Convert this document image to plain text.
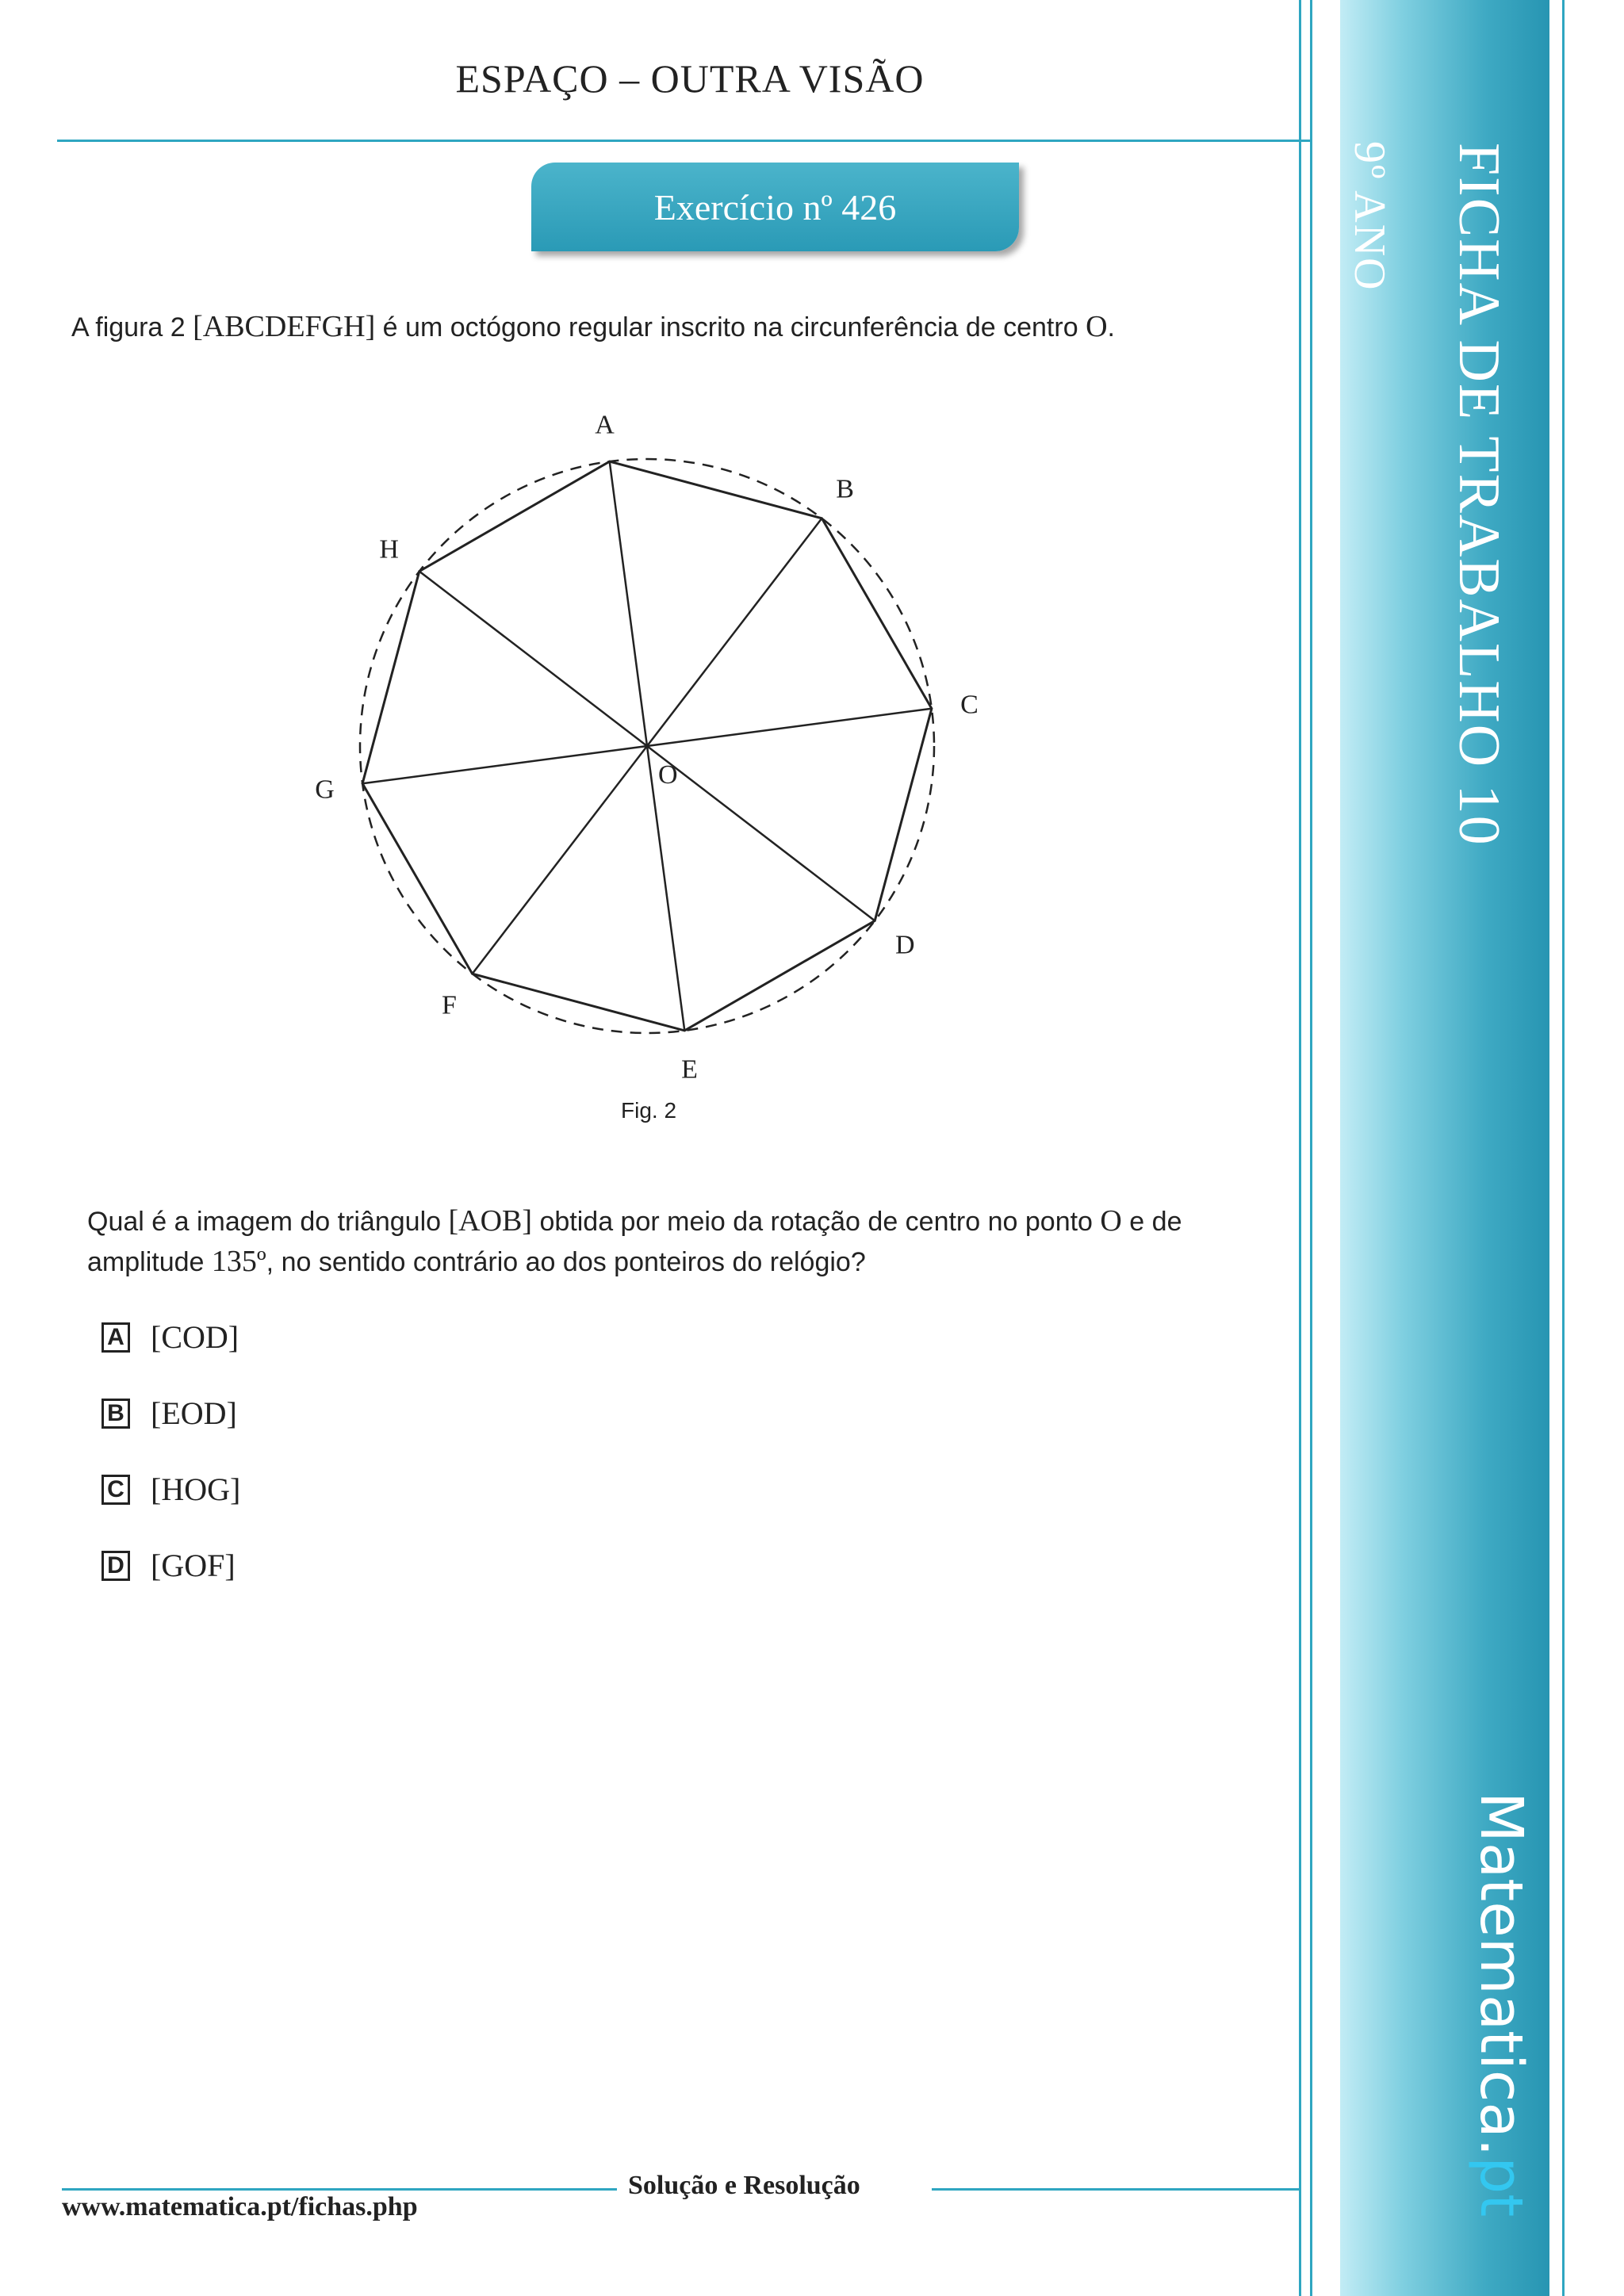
ESPAÇO – OUTRA VISÃO
Exercício nº 426
A figura 2 [ABCDEFGH] é um octógono regular inscrito na circunferência de centro O.
A
B
C
D
E
F
G
H
O
Fig. 2
Qual é a imagem do triângulo [AOB] obtida por meio da rotação de centro no ponto O e de amplitude 135º, no sentido contrário ao dos ponteiros do relógio?
A [COD]
B [EOD]
C [HOG]
D [GOF]
Solução e Resolução
www.matematica.pt/fichas.php
FICHA DE TRABALHO 10
9º ANO
Matematica.pt
